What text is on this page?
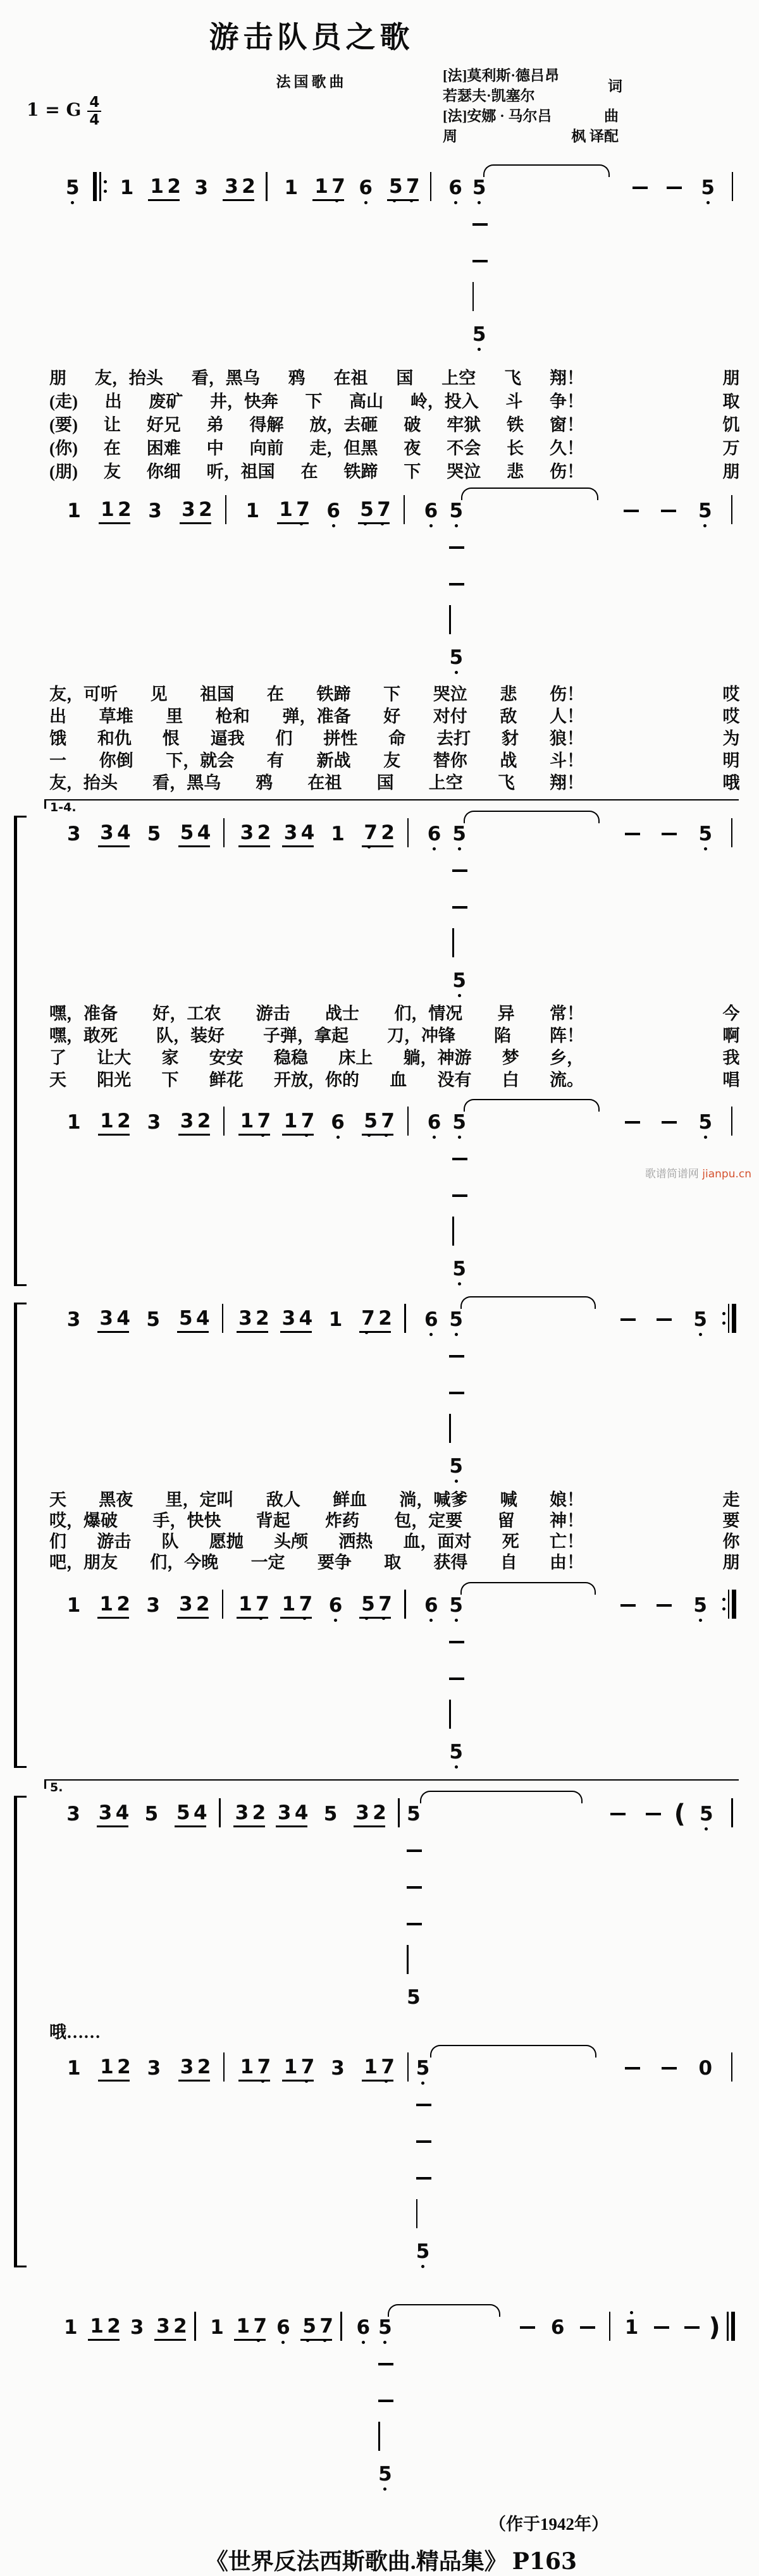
游击队员之歌
法国歌曲
1 = G $\frac{4}{4}$
[法]莫利斯·德吕昂
若瑟夫·凯塞尔
词
[法]安娜 · 马尔吕	曲
周	枫 译配
5 1 1 2 3 3 2 1 1 7 6 5 7 6 5
5
5
朋 友，抬头 看，黑乌 鸦 在祖 国 上空 飞 翔！	朋
(走) 出 废矿 井，快奔 下 高山 岭，投入 斗 争！	取
(要) 让 好兄 弟 得解 放，去砸 破 牢狱 铁 窗！	饥
(你) 在 困难 中 向前 走，但黑 夜 不会 长 久！	万
(朋) 友 你细 听，祖国 在 铁蹄 下 哭泣 悲 伤！	朋
1 1 2 3 3 2 1 1 7 6 5 7 6 5
5
5
友，可听 见 祖国 在 铁蹄 下 哭泣 悲 伤！	哎
出 草堆 里 枪和 弹，准备 好 对付 敌 人！	哎
饿 和仇 恨 逼我 们 拼性 命 去打 豺 狼！	为
一 你倒 下，就会 有 新战 友 替你 战 斗！	明
友，抬头 看，黑乌 鸦 在祖 国 上空 飞 翔！	哦
1-4.
3 3 4 5 5 4 3 2 3 4 1 7 2 6 5
5
5
嘿，准备 好，工农 游击 战士 们，情况 异 常！	今
嘿，敢死 队，装好 子弹，拿起 刀，冲锋 陷 阵！	啊
了 让大 家 安安 稳稳 床上 躺，神游 梦 乡，	我
天 阳光 下 鲜花 开放，你的 血 没有 白 流。	唱
1 1 2 3 3 2 1 7 1 7 6 5 7 6 5
5
5
3 3 4 5 5 4 3 2 3 4 1 7 2 6 5
5
5
天 黑夜 里，定叫 敌人 鲜血 淌，喊爹 喊 娘！	走
哎，爆破 手，快快 背起 炸药 包，定要 留 神！	要
们 游击 队 愿抛 头颅 洒热 血，面对 死 亡！	你
吧，朋友 们，今晚 一定 要争 取 获得 自 由！	朋
1 1 2 3 3 2 1 7 1 7 6 5 7 6 5
5
5
5.
3 3 4 5 5 4 3 2 3 4 5 3 2 5
5
( 5
哦……
1 1 2 3 3 2 1 7 1 7 3 1 7 5
5
0
1 1 2 3 3 2 1 1 7 6 5 7 6 5
5
6	1	)
（作于1942年）
《世界反法西斯歌曲.精品集》 P163
歌谱简谱网 jianpu.cn
